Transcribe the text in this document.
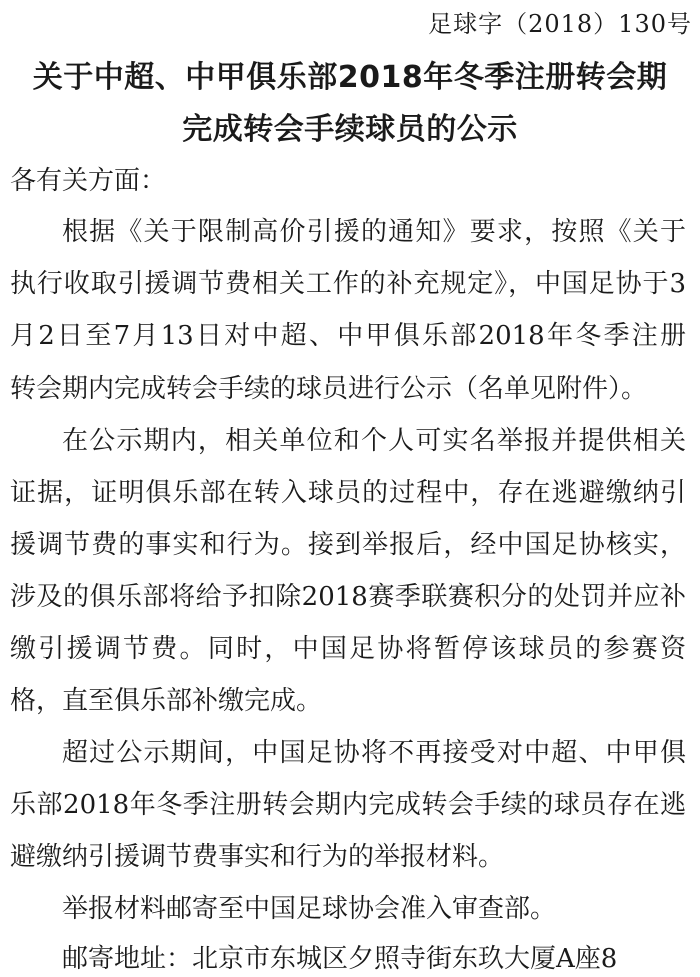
足球字（2018）130号
关于中超、中甲俱乐部2018年冬季注册转会期
完成转会手续球员的公示
各有关方面：
根据《关于限制高价引援的通知》要求，按照《关于
执行收取引援调节费相关工作的补充规定》，中国足协于3
月2日至7月13日对中超、中甲俱乐部2018年冬季注册
转会期内完成转会手续的球员进行公示（名单见附件）。
在公示期内，相关单位和个人可实名举报并提供相关
证据，证明俱乐部在转入球员的过程中，存在逃避缴纳引
援调节费的事实和行为。接到举报后，经中国足协核实，
涉及的俱乐部将给予扣除2018赛季联赛积分的处罚并应补
缴引援调节费。同时，中国足协将暂停该球员的参赛资
格，直至俱乐部补缴完成。
超过公示期间，中国足协将不再接受对中超、中甲俱
乐部2018年冬季注册转会期内完成转会手续的球员存在逃
避缴纳引援调节费事实和行为的举报材料。
举报材料邮寄至中国足球协会准入审查部。
邮寄地址：北京市东城区夕照寺街东玖大厦A座8
